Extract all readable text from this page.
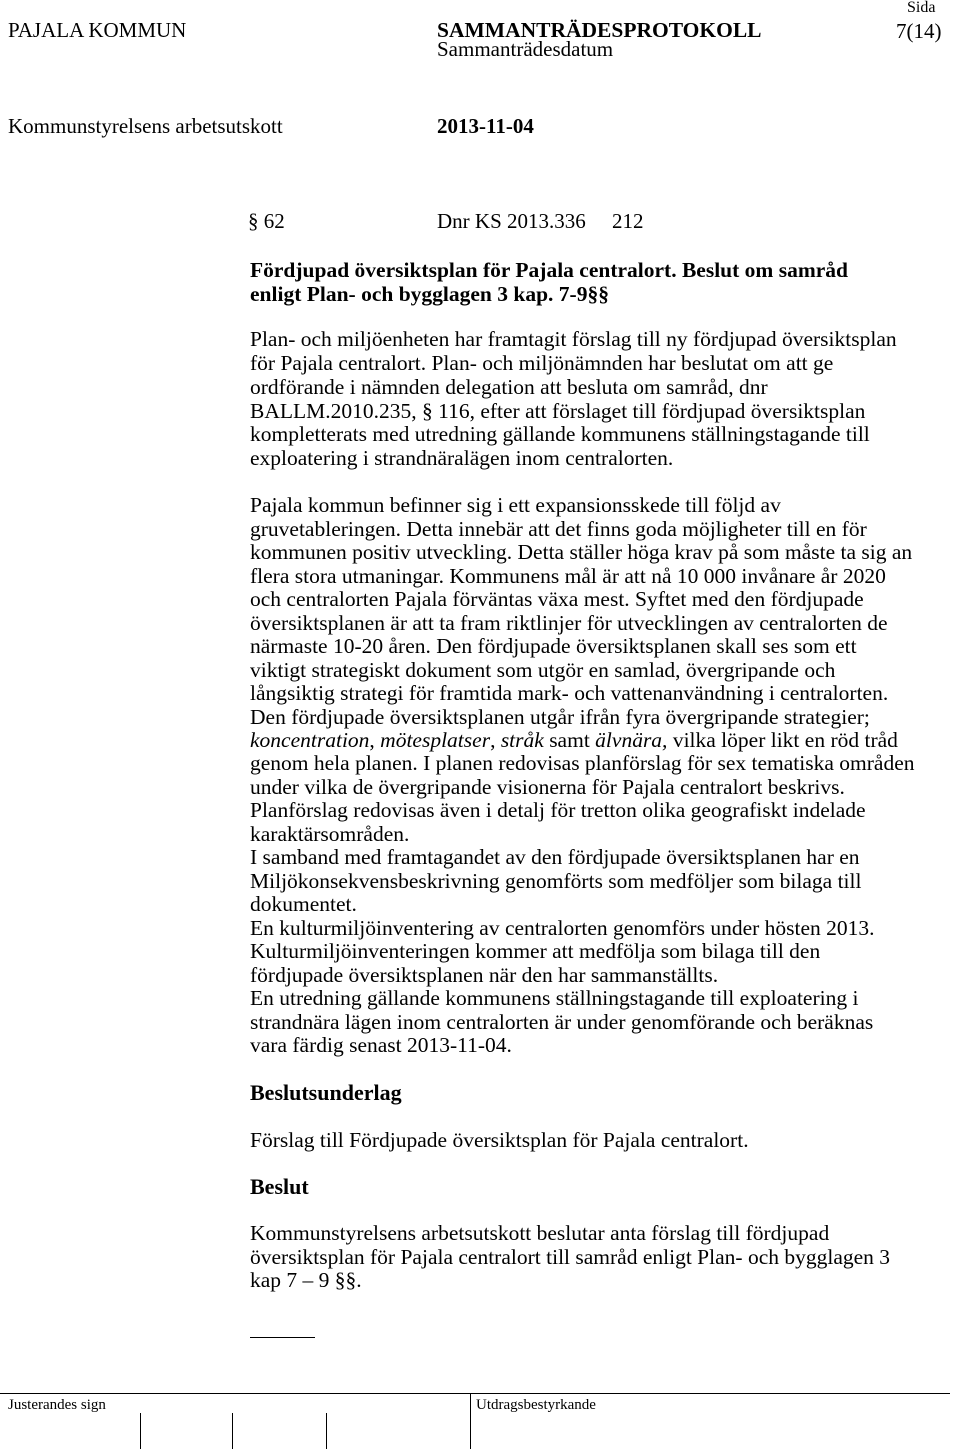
PAJALA KOMMUN	SAMMANTRÄDESPROTOKOLL
Sida
7(14)
Sammanträdesdatum
Kommunstyrelsens arbetsutskott	2013-11-04
§ 62	Dnr KS 2013.336 212
Fördjupad översiktsplan för Pajala centralort. Beslut om samråd
enligt Plan- och bygglagen 3 kap. 7-9§§
Plan- och miljöenheten har framtagit förslag till ny fördjupad översiktsplan
för Pajala centralort. Plan- och miljönämnden har beslutat om att ge
ordförande i nämnden delegation att besluta om samråd, dnr
BALLM.2010.235, § 116, efter att förslaget till fördjupad översiktsplan
kompletterats med utredning gällande kommunens ställningstagande till
exploatering i strandnäralägen inom centralorten.
Pajala kommun befinner sig i ett expansionsskede till följd av
gruvetableringen. Detta innebär att det finns goda möjligheter till en för
kommunen positiv utveckling. Detta ställer höga krav på som måste ta sig an
flera stora utmaningar. Kommunens mål är att nå 10 000 invånare år 2020
och centralorten Pajala förväntas växa mest. Syftet med den fördjupade
översiktsplanen är att ta fram riktlinjer för utvecklingen av centralorten de
närmaste 10-20 åren. Den fördjupade översiktsplanen skall ses som ett
viktigt strategiskt dokument som utgör en samlad, övergripande och
långsiktig strategi för framtida mark- och vattenanvändning i centralorten.
Den fördjupade översiktsplanen utgår ifrån fyra övergripande strategier;
koncentration, mötesplatser, stråk samt älvnära, vilka löper likt en röd tråd
genom hela planen. I planen redovisas planförslag för sex tematiska områden
under vilka de övergripande visionerna för Pajala centralort beskrivs.
Planförslag redovisas även i detalj för tretton olika geografiskt indelade
karaktärsområden.
I samband med framtagandet av den fördjupade översiktsplanen har en
Miljökonsekvensbeskrivning genomförts som medföljer som bilaga till
dokumentet.
En kulturmiljöinventering av centralorten genomförs under hösten 2013.
Kulturmiljöinventeringen kommer att medfölja som bilaga till den
fördjupade översiktsplanen när den har sammanställts.
En utredning gällande kommunens ställningstagande till exploatering i
strandnära lägen inom centralorten är under genomförande och beräknas
vara färdig senast 2013-11-04.
Beslutsunderlag
Förslag till Fördjupade översiktsplan för Pajala centralort.
Beslut
Kommunstyrelsens arbetsutskott beslutar anta förslag till fördjupad
översiktsplan för Pajala centralort till samråd enligt Plan- och bygglagen 3
kap 7 – 9 §§.
Justerandes sign	Utdragsbestyrkande
